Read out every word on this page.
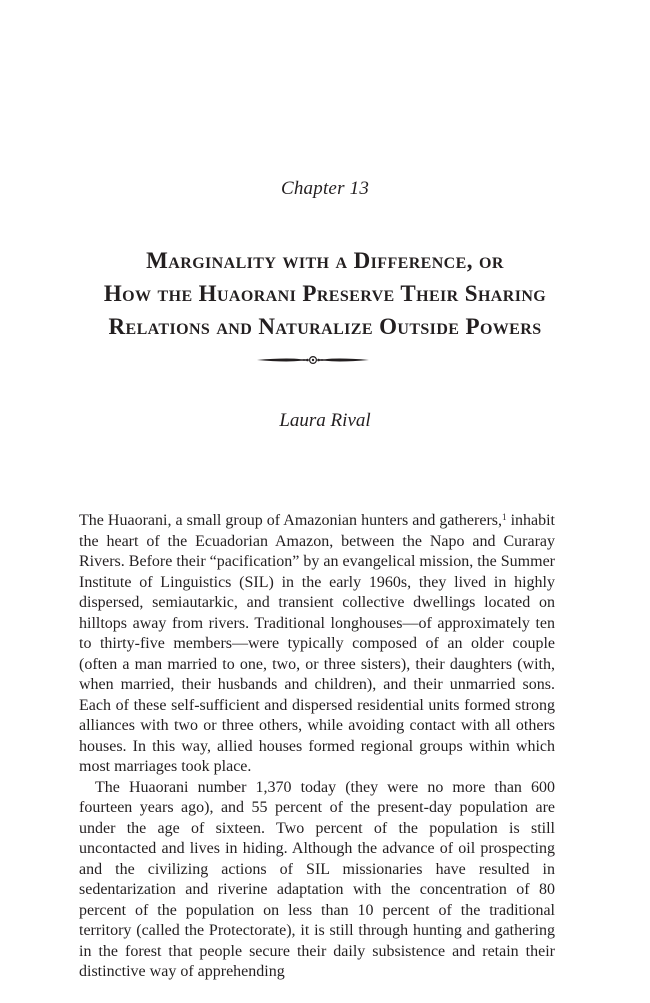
Chapter 13
Marginality with a Difference, or
How the Huaorani Preserve Their Sharing
Relations and Naturalize Outside Powers
Laura Rival

The Huaorani, a small group of Amazonian hunters and gatherers,$^1$ inhabit the heart of the Ecuadorian Amazon, between the Napo and Curaray Rivers. Before their “pacification” by an evangelical mission, the Summer Institute of Linguistics (SIL) in the early 1960s, they lived in highly dispersed, semiautarkic, and transient collective dwellings located on hilltops away from rivers. Traditional longhouses—of approximately ten to thirty-five members—were typically composed of an older couple (often a man married to one, two, or three sisters), their daughters (with, when married, their husbands and children), and their unmarried sons. Each of these self-sufficient and dispersed residential units formed strong alliances with two or three others, while avoiding contact with all others houses. In this way, allied houses formed regional groups within which most marriages took place.

The Huaorani number 1,370 today (they were no more than 600 fourteen years ago), and 55 percent of the present-day population are under the age of sixteen. Two percent of the population is still uncontacted and lives in hiding. Although the advance of oil prospecting and the civilizing actions of SIL missionaries have resulted in sedentarization and riverine adaptation with the concentration of 80 percent of the population on less than 10 percent of the traditional territory (called the Protectorate), it is still through hunting and gathering in the forest that people secure their daily subsistence and retain their distinctive way of apprehending
